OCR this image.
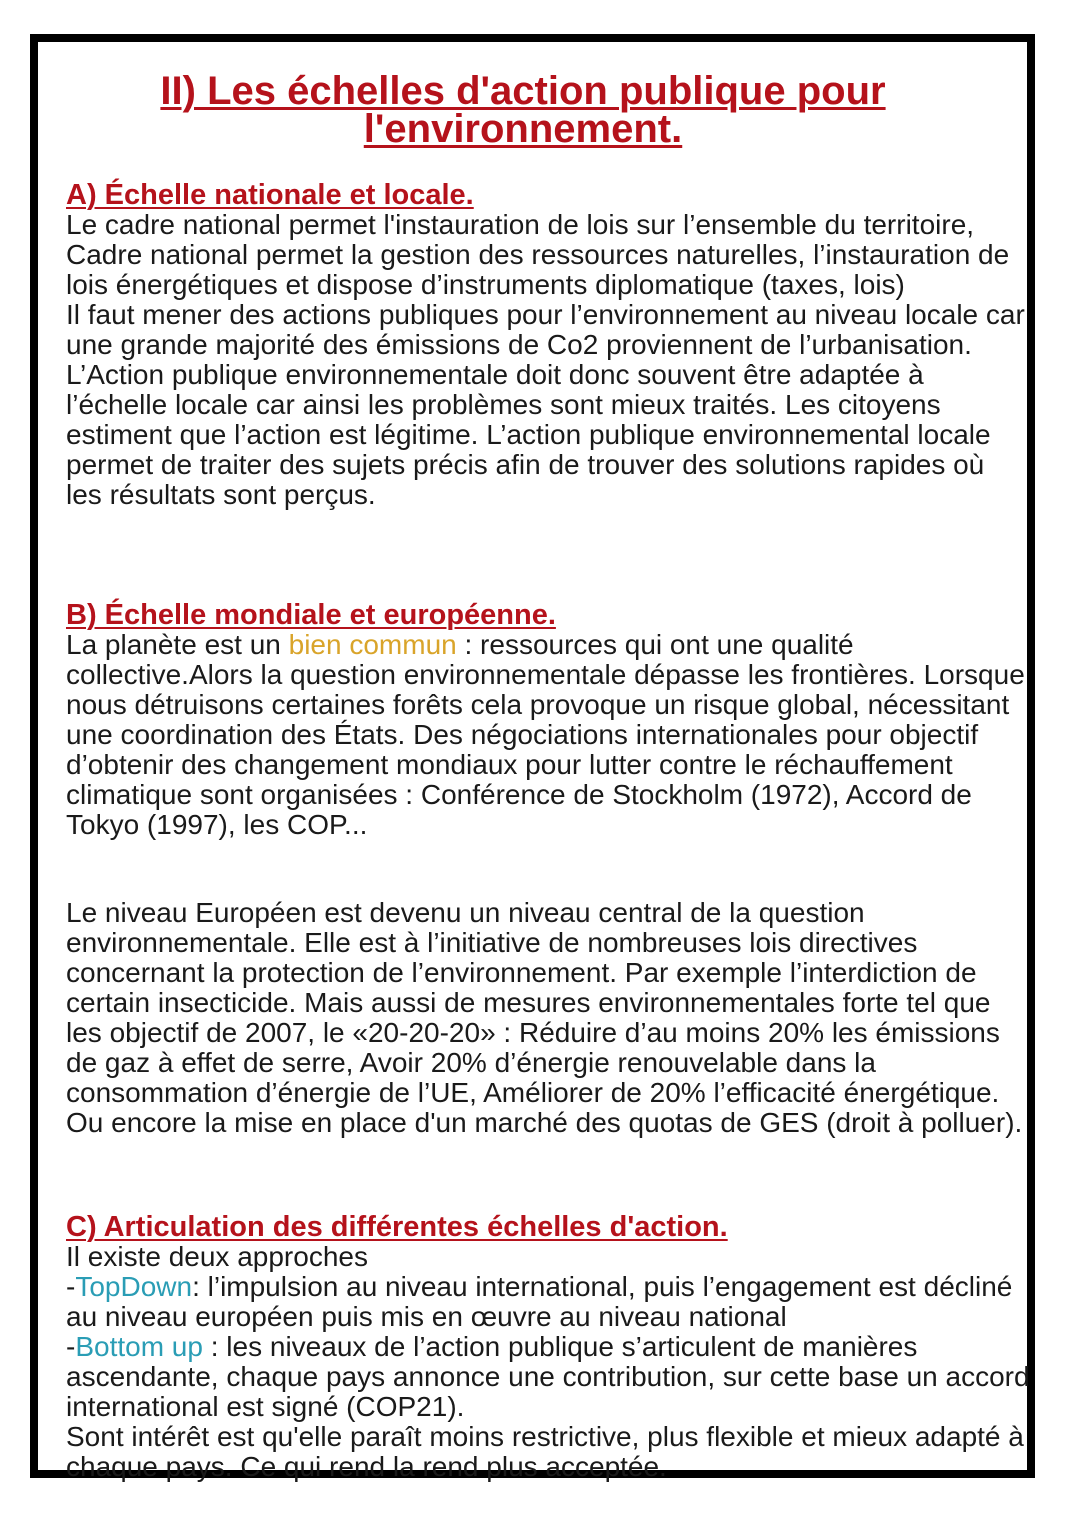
II) Les échelles d'action publique pour l'environnement.
A) Échelle nationale et locale.

Le cadre national permet l'instauration de lois sur l’ensemble du territoire, Cadre national permet la gestion des ressources naturelles, l’instauration de lois énergétiques et dispose d’instruments diplomatique (taxes, lois)

Il faut mener des actions publiques pour l’environnement au niveau locale car une grande majorité des émissions de Co2 proviennent de l’urbanisation. L’Action publique environnementale doit donc souvent être adaptée à l’échelle locale car ainsi les problèmes sont mieux traités. Les citoyens estiment que l’action est légitime. L’action publique environnemental locale permet de traiter des sujets précis afin de trouver des solutions rapides où les résultats sont perçus.

B) Échelle mondiale et européenne.

La planète est un bien commun : ressources qui ont une qualité collective.Alors la question environnementale dépasse les frontières. Lorsque nous détruisons certaines forêts cela provoque un risque global, nécessitant une coordination des États. Des négociations internationales pour objectif d’obtenir des changement mondiaux pour lutter contre le réchauffement climatique sont organisées : Conférence de Stockholm (1972), Accord de Tokyo (1997), les COP...

Le niveau Européen est devenu un niveau central de la question environnementale. Elle est à l’initiative de nombreuses lois directives concernant la protection de l’environnement. Par exemple l’interdiction de certain insecticide. Mais aussi de mesures environnementales forte tel que les objectif de 2007, le «20-20-20» : Réduire d’au moins 20% les émissions de gaz à effet de serre, Avoir 20% d’énergie renouvelable dans la consommation d’énergie de l’UE, Améliorer de 20% l’efficacité énergétique. Ou encore la mise en place d'un marché des quotas de GES (droit à polluer).

C) Articulation des différentes échelles d'action.

Il existe deux approches

-TopDown: l’impulsion au niveau international, puis l’engagement est décliné au niveau européen puis mis en œuvre au niveau national

-Bottom up : les niveaux de l’action publique s’articulent de manières ascendante, chaque pays annonce une contribution, sur cette base un accord international est signé (COP21).

Sont intérêt est qu'elle paraît moins restrictive, plus flexible et mieux adapté à chaque pays. Ce qui rend la rend plus acceptée.
